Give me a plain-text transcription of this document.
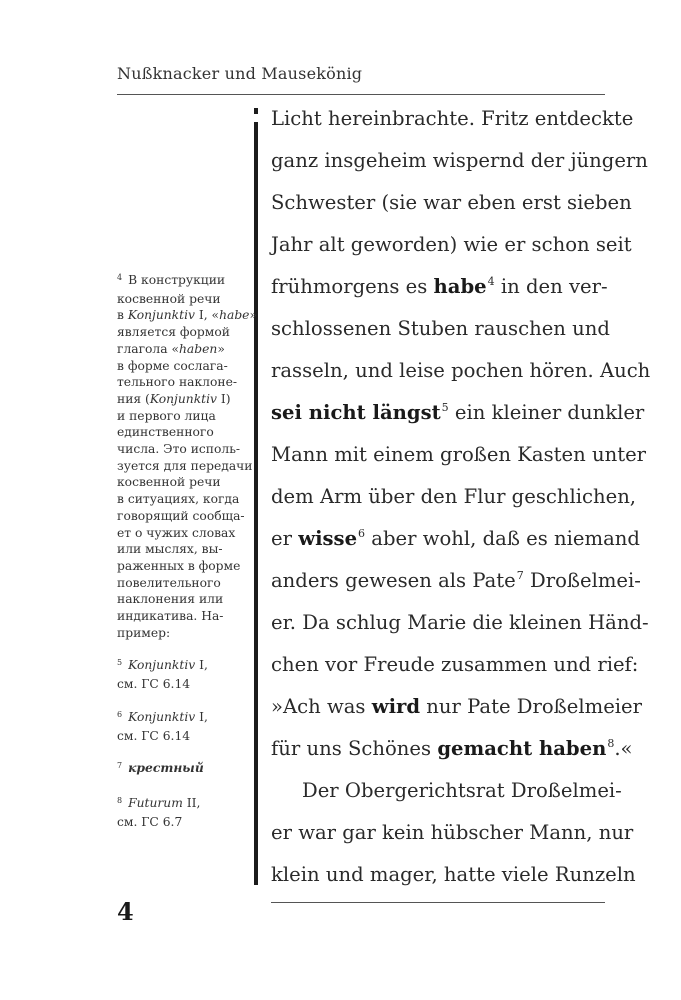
Nußknacker und Mausekönig
$^4$ В конструкции
косвенной речи
в Konjunktiv I, «habe»
является формой
глагола «haben»
в форме сослага-
тельного наклоне-
ния (Konjunktiv I)
и первого лица
единственного
числа. Это исполь-
зуется для передачи
косвенной речи
в ситуациях, когда
говорящий сообща-
ет о чужих словах
или мыслях, вы-
раженных в форме
повелительного
наклонения или
индикатива. На-
пример:
$^5$ Konjunktiv I,
см. ГС 6.14
$^6$ Konjunktiv I,
см. ГС 6.14
$^7$ крестный
$^8$ Futurum II,
см. ГС 6.7
Licht hereinbrachte. Fritz entdeckte
ganz insgeheim wispernd der jüngern
Schwester (sie war eben erst sieben
Jahr alt geworden) wie er schon seit
frühmorgens es habe$^4$ in den ver-
schlossenen Stuben rauschen und
rasseln, und leise pochen hören. Auch
sei nicht längst$^5$ ein kleiner dunkler
Mann mit einem großen Kasten unter
dem Arm über den Flur geschlichen,
er wisse$^6$ aber wohl, daß es niemand
anders gewesen als Pate$^7$ Droßelmei-
er. Da schlug Marie die kleinen Händ-
chen vor Freude zusammen und rief:
»Ach was wird nur Pate Droßelmeier
für uns Schönes gemacht haben$^8$.«
Der Obergerichtsrat Droßelmei-
er war gar kein hübscher Mann, nur
klein und mager, hatte viele Runzeln
4
